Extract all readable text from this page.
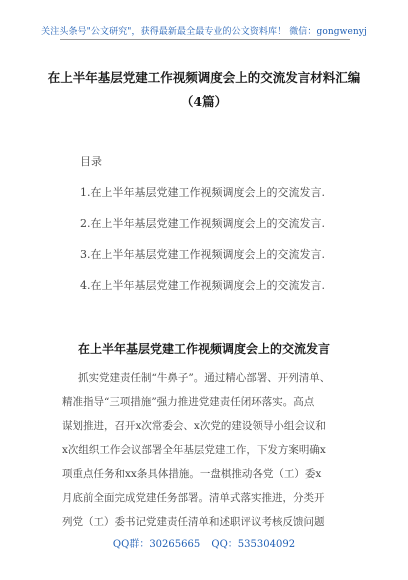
关注头条号"公文研究"，获得最新最全最专业的公文资料库！ 微信：gongwenyj
在上半年基层党建工作视频调度会上的交流发言材料汇编
（4篇）
目录
1.在上半年基层党建工作视频调度会上的交流发言.
2.在上半年基层党建工作视频调度会上的交流发言.
3.在上半年基层党建工作视频调度会上的交流发言.
4.在上半年基层党建工作视频调度会上的交流发言.
在上半年基层党建工作视频调度会上的交流发言
抓实党建责任制“牛鼻子”。通过精心部署、开列清单、
精准指导“三项措施”强力推进党建责任闭环落实。高点
谋划推进，召开x次常委会、x次党的建设领导小组会议和
x次组织工作会议部署全年基层党建工作，下发方案明确x
项重点任务和xx条具体措施。一盘棋推动各党（工）委x
月底前全面完成党建任务部署。清单式落实推进，分类开
列党（工）委书记党建责任清单和述职评议考核反馈问题
QQ群：30265665 QQ：535304092
